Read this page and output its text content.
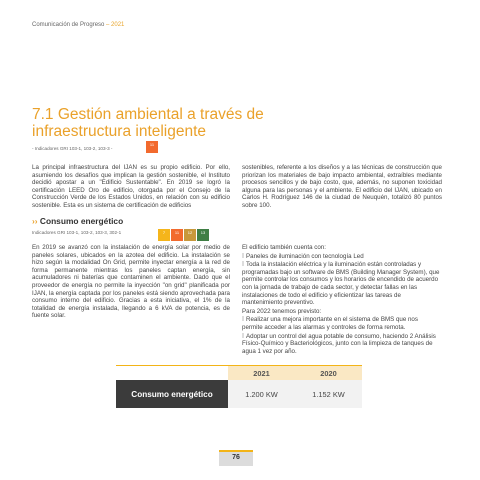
Comunicación de Progreso – 2021
7.1 Gestión ambiental a través de infraestructura inteligente
- Indicadores GRI 103-1, 103-2, 103-3 -
11

La principal infraestructura del IJAN es su propio edificio. Por ello, asumiendo los desafíos que implican la gestión sostenible, el Instituto decidió apostar a un "Edificio Sustentable". En 2019 se logró la certificación LEED Oro de edificio, otorgada por el Consejo de la Construcción Verde de los Estados Unidos, en relación con su edificio sostenible. Esta es un sistema de certificación de edificios

sostenibles, referente a los diseños y a las técnicas de construcción que priorizan los materiales de bajo impacto ambiental, extraíbles mediante procesos sencillos y de bajo costo, que, además, no suponen toxicidad alguna para las personas y el ambiente. El edificio del IJAN, ubicado en Carlos H. Rodríguez 146 de la ciudad de Neuquén, totalizó 80 puntos sobre 100.

›› Consumo energético
Indicadores GRI 103-1, 103-2, 103-3, 302-1	7	11	12	13

En 2019 se avanzó con la instalación de energía solar por medio de paneles solares, ubicados en la azotea del edificio. La instalación se hizo según la modalidad On Grid, permite inyectar energía a la red de forma permanente mientras los paneles captan energía, sin acumuladores ni baterías que contaminen el ambiente. Dado que el proveedor de energía no permite la inyección "on grid" planificada por IJAN, la energía captada por los paneles está siendo aprovechada para consumo interno del edificio. Gracias a esta iniciativa, el 1% de la totalidad de energía instalada, llegando a 6 kVA de potencia, es de fuente solar.

El edificio también cuenta con:

Paneles de iluminación con tecnología Led

Toda la instalación eléctrica y la iluminación están controladas y programadas bajo un software de BMS (Building Manager System), que permite controlar los consumos y los horarios de encendido de acuerdo con la jornada de trabajo de cada sector, y detectar fallas en las instalaciones de todo el edificio y eficientizar las tareas de mantenimiento preventivo.

Para 2022 tenemos previsto:

Realizar una mejora importante en el sistema de BMS que nos permite acceder a las alarmas y controles de forma remota.

Adoptar un control del agua potable de consumo, haciendo 2 Análisis Físico-Químico y Bacteriológicos, junto con la limpieza de tanques de agua 1 vez por año.

	2021	2020
Consumo energético	1.200 KW	1.152 KW
76
